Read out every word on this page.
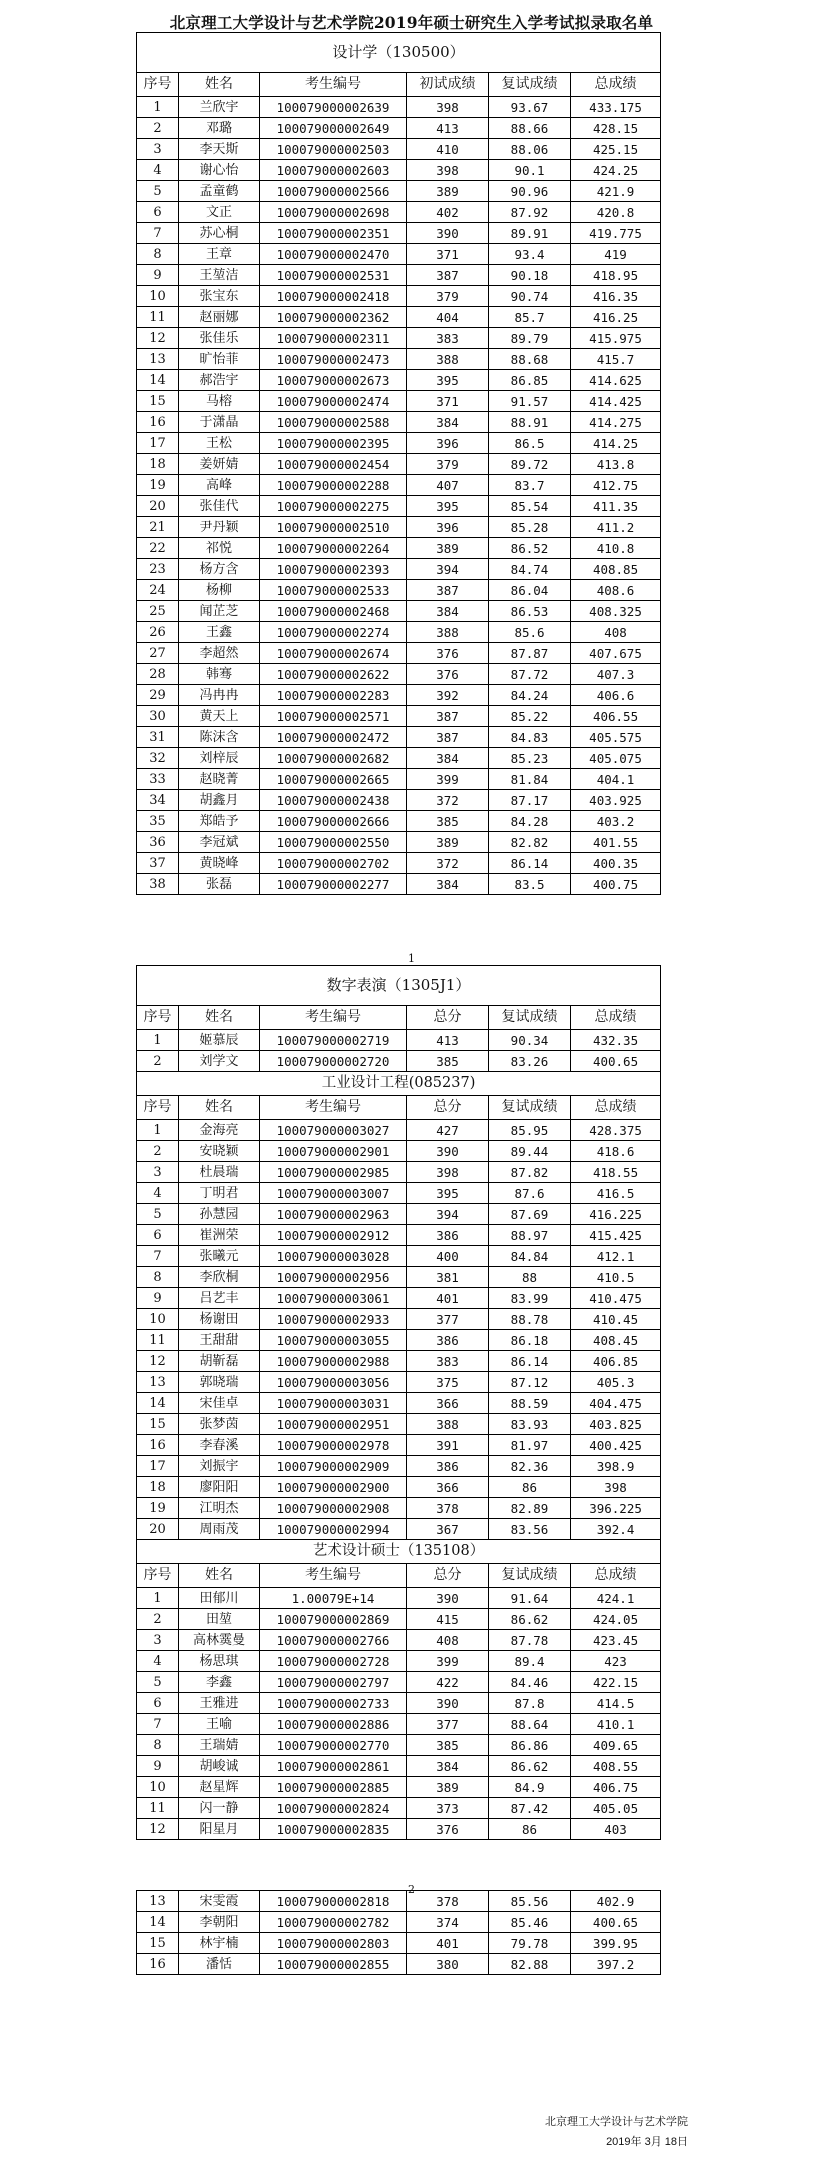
北京理工大学设计与艺术学院2019年硕士研究生入学考试拟录取名单
设计学（130500）					
序号	姓名	考生编号	初试成绩	复试成绩	总成绩
1	兰欣宇	100079000002639	398	93.67	433.175
2	邓璐	100079000002649	413	88.66	428.15
3	李天斯	100079000002503	410	88.06	425.15
4	谢心怡	100079000002603	398	90.1	424.25
5	孟童鹤	100079000002566	389	90.96	421.9
6	文正	100079000002698	402	87.92	420.8
7	苏心桐	100079000002351	390	89.91	419.775
8	王章	100079000002470	371	93.4	419
9	王堃洁	100079000002531	387	90.18	418.95
10	张宝东	100079000002418	379	90.74	416.35
11	赵丽娜	100079000002362	404	85.7	416.25
12	张佳乐	100079000002311	383	89.79	415.975
13	旷怡菲	100079000002473	388	88.68	415.7
14	郝浩宇	100079000002673	395	86.85	414.625
15	马榕	100079000002474	371	91.57	414.425
16	于潇晶	100079000002588	384	88.91	414.275
17	王松	100079000002395	396	86.5	414.25
18	姜妍婧	100079000002454	379	89.72	413.8
19	高峰	100079000002288	407	83.7	412.75
20	张佳代	100079000002275	395	85.54	411.35
21	尹丹颖	100079000002510	396	85.28	411.2
22	祁悦	100079000002264	389	86.52	410.8
23	杨方含	100079000002393	394	84.74	408.85
24	杨柳	100079000002533	387	86.04	408.6
25	闻芷芝	100079000002468	384	86.53	408.325
26	王鑫	100079000002274	388	85.6	408
27	李超然	100079000002674	376	87.87	407.675
28	韩骞	100079000002622	376	87.72	407.3
29	冯冉冉	100079000002283	392	84.24	406.6
30	黄天上	100079000002571	387	85.22	406.55
31	陈沫含	100079000002472	387	84.83	405.575
32	刘梓辰	100079000002682	384	85.23	405.075
33	赵晓菁	100079000002665	399	81.84	404.1
34	胡鑫月	100079000002438	372	87.17	403.925
35	郑皓予	100079000002666	385	84.28	403.2
36	李冠斌	100079000002550	389	82.82	401.55
37	黄晓峰	100079000002702	372	86.14	400.35
38	张磊	100079000002277	384	83.5	400.75
1
数字表演（1305J1）					
序号	姓名	考生编号	总分	复试成绩	总成绩
1	姬慕辰	100079000002719	413	90.34	432.35
2	刘学文	100079000002720	385	83.26	400.65
工业设计工程(085237)					
序号	姓名	考生编号	总分	复试成绩	总成绩
1	金海亮	100079000003027	427	85.95	428.375
2	安晓颖	100079000002901	390	89.44	418.6
3	杜晨瑞	100079000002985	398	87.82	418.55
4	丁明君	100079000003007	395	87.6	416.5
5	孙慧园	100079000002963	394	87.69	416.225
6	崔洲荣	100079000002912	386	88.97	415.425
7	张曦元	100079000003028	400	84.84	412.1
8	李欣桐	100079000002956	381	88	410.5
9	吕艺丰	100079000003061	401	83.99	410.475
10	杨谢田	100079000002933	377	88.78	410.45
11	王甜甜	100079000003055	386	86.18	408.45
12	胡靳磊	100079000002988	383	86.14	406.85
13	郭晓瑞	100079000003056	375	87.12	405.3
14	宋佳卓	100079000003031	366	88.59	404.475
15	张梦茵	100079000002951	388	83.93	403.825
16	李春溪	100079000002978	391	81.97	400.425
17	刘振宇	100079000002909	386	82.36	398.9
18	廖阳阳	100079000002900	366	86	398
19	江明杰	100079000002908	378	82.89	396.225
20	周雨茂	100079000002994	367	83.56	392.4
艺术设计硕士（135108）					
序号	姓名	考生编号	总分	复试成绩	总成绩
1	田郁川	1.00079E+14	390	91.64	424.1
2	田堃	100079000002869	415	86.62	424.05
3	高林霙曼	100079000002766	408	87.78	423.45
4	杨思琪	100079000002728	399	89.4	423
5	李鑫	100079000002797	422	84.46	422.15
6	王雅进	100079000002733	390	87.8	414.5
7	王喻	100079000002886	377	88.64	410.1
8	王瑞婧	100079000002770	385	86.86	409.65
9	胡峻诚	100079000002861	384	86.62	408.55
10	赵星辉	100079000002885	389	84.9	406.75
11	闪一静	100079000002824	373	87.42	405.05
12	阳星月	100079000002835	376	86	403
2
13	宋雯霞	100079000002818	378	85.56	402.9
14	李朝阳	100079000002782	374	85.46	400.65
15	林宇楠	100079000002803	401	79.78	399.95
16	潘恬	100079000002855	380	82.88	397.2
北京理工大学设计与艺术学院
2019年 3月 18日
